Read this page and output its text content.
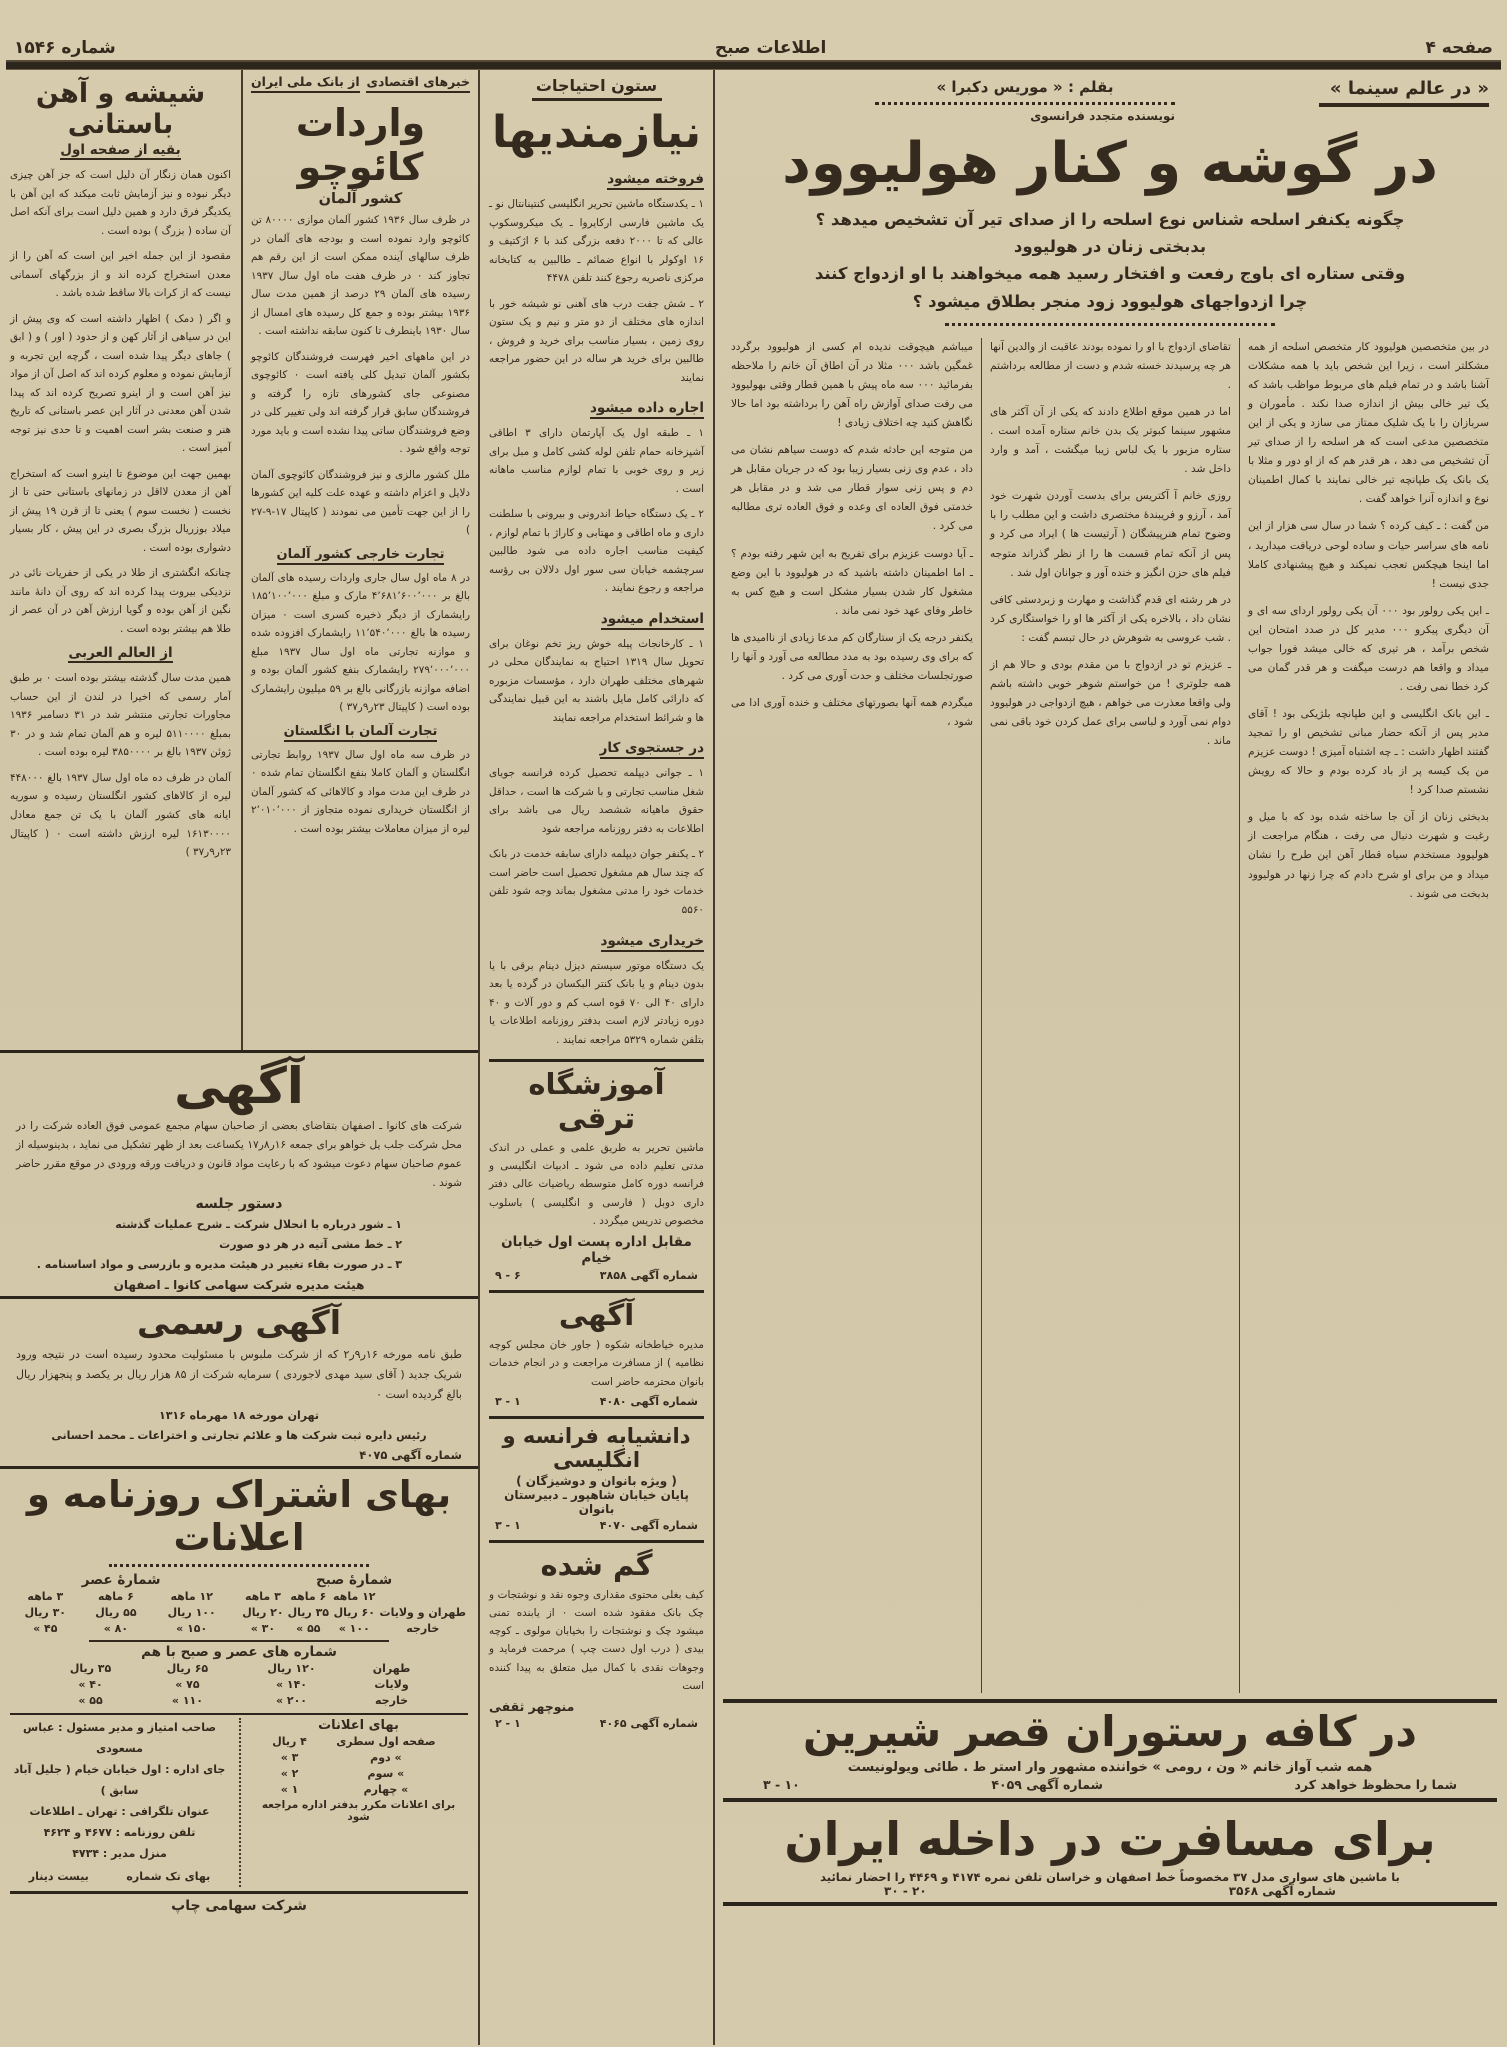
صفحه ۴
اطلاعات صبح
شماره ۱۵۴۶
« در عالم سینما »
بقلم : « موریس دکبرا »
نویسنده متجدد فرانسوی
در گوشه و کنار هولیوود
چگونه یکنفر اسلحه شناس نوع اسلحه را از صدای تیر آن تشخیص میدهد ؟
بدبختی زنان در هولیوود
وقتی ستاره ای باوج رفعت و افتخار رسید همه میخواهند با او ازدواج کنند
چرا ازدواجهای هولیوود زود منجر بطلاق میشود ؟

در بین متخصصین هولیوود کار متخصص اسلحه از همه مشکلتر است ، زیرا این شخص باید با همه مشکلات آشنا باشد و در تمام فیلم های مربوط مواظب باشد که یک تیر خالی بیش از اندازه صدا نکند . مأموران و سربازان را با یک شلیک ممتاز می سازد و یکی از این متخصصین مدعی است که هر اسلحه را از صدای تیر آن تشخیص می دهد ، هر قدر هم که از او دور و مثلا با یک بانک یک طپانچه تیر خالی نمایند با کمال اطمینان نوع و اندازه آنرا خواهد گفت .

من گفت : ـ کیف کرده ؟ شما در سال سی هزار از این نامه های سراسر حیات و ساده لوحی دریافت میدارید ، اما اینجا هیچکس تعجب نمیکند و هیچ پیشنهادی کاملا جدی نیست !

ـ این یکی رولور بود ۰۰۰ آن یکی رولور اردای سه ای و آن دیگری پیکرو ۰۰۰ مدیر کل در صدد امتحان این شخص برآمد ، هر تیری که خالی میشد فورا جواب میداد و واقعا هم درست میگفت و هر قدر گمان می کرد خطا نمی رفت .

ـ این بانک انگلیسی و این طپانچه بلژیکی بود ! آقای مدیر پس از آنکه حضار مبانی تشخیص او را تمجید گفتند اظهار داشت : ـ چه اشتباه آمیزی ! دوست عزیزم من یک کیسه پر از باد کرده بودم و حالا که رویش نشستم صدا کرد !

بدبختی زنان از آن جا ساخته شده بود که با میل و رغبت و شهرت دنبال می رفت ، هنگام مراجعت از هولیوود مستخدم سیاه قطار آهن این طرح را نشان میداد و من برای او شرح دادم که چرا زنها در هولیوود بدبخت می شوند .

تقاضای ازدواج با او را نموده بودند عاقبت از والدین آنها هر چه پرسیدند خسته شدم و دست از مطالعه برداشتم .

اما در همین موقع اطلاع دادند که یکی از آن آکتر های مشهور سینما کبوتر یک بدن خانم ستاره آمده است . ستاره مزبور با یک لباس زیبا میگشت ، آمد و وارد داخل شد .

روزی خانم آ آکتریس برای بدست آوردن شهرت خود آمد ، آرزو و فریبندهٔ مختصری داشت و این مطلب را با وضوح تمام هنرپیشگان ( آرتیست ها ) ایراد می کرد و پس از آنکه تمام قسمت ها را از نظر گذراند متوجه فیلم های حزن انگیز و خنده آور و جوانان اول شد .

در هر رشته ای قدم گذاشت و مهارت و زبردستی کافی نشان داد ، بالاخره یکی از آکتر ها او را خواستگاری کرد . شب عروسی به شوهرش در حال تبسم گفت :

ـ عزیزم تو در ازدواج با من مقدم بودی و حالا هم از همه جلوتری ! من خواستم شوهر خوبی داشته باشم ولی واقعا معذرت می خواهم ، هیچ ازدواجی در هولیوود دوام نمی آورد و لباسی برای عمل کردن خود باقی نمی ماند .

میباشم هیچوقت ندیده ام کسی از هولیوود برگردد غمگین باشد ۰۰۰ مثلا در آن اطاق آن خانم را ملاحظه بفرمائید ۰۰۰ سه ماه پیش با همین قطار وقتی بهولیوود می رفت صدای آوازش راه آهن را برداشته بود اما حالا نگاهش کنید چه اختلاف زیادی !

من متوجه این حادثه شدم که دوست سیاهم نشان می داد ، عدم وی زنی بسیار زیبا بود که در جریان مقابل هر دم و پس زنی سوار قطار می شد و در مقابل هر خدمتی فوق العاده ای وعده و فوق العاده تری مطالبه می کرد .

ـ آیا دوست عزیزم برای تفریح به این شهر رفته بودم ؟ ـ اما اطمینان داشته باشید که در هولیوود با این وضع مشغول کار شدن بسیار مشکل است و هیچ کس به خاطر وفای عهد خود نمی ماند .

یکنفر درجه یک از ستارگان کم مدعا زیادی از ناامیدی ها که برای وی رسیده بود به مدد مطالعه می آورد و آنها را صورتجلسات مختلف و حدت آوری می کرد .

میگردم همه آنها بصورتهای مختلف و خنده آوری ادا می شود ،

در کافه رستوران قصر شیرین
همه شب آواز خانم « ون ، رومی » خواننده مشهور وار استر ط . طائی ویولونیست
شما را محظوظ خواهد کرد
شماره آگهی ۴۰۵۹
۱۰ - ۳
برای مسافرت در داخله ایران
با ماشین های سواری مدل ۳۷ مخصوصاً خط اصفهان و خراسان تلفن نمره ۴۱۷۴ و ۴۴۶۹ را احضار نمائید
شماره آگهی ۳۵۶۸
۲۰ - ۳۰
ستون احتیاجات
نیازمندیها
فروخته میشود

۱ ـ یکدستگاه ماشین تحریر انگلیسی کنتینانتال نو ـ یک ماشین فارسی ارکایروا ـ یک میکروسکوپ عالی که تا ۲۰۰۰ دفعه بزرگی کند با ۶ اژکتیف و ۱۶ اوکولر با انواع ضمائم ـ طالبین به کتابخانه مرکزی ناصریه رجوع کنند تلفن ۴۴۷۸

۲ ـ شش جفت درب های آهنی نو شیشه خور با اندازه های مختلف از دو متر و نیم و یک ستون روی زمین ، بسیار مناسب برای خرید و فروش ، طالبین برای خرید هر ساله در این حضور مراجعه نمایند

اجاره داده میشود

۱ ـ طبقه اول یک آپارتمان دارای ۳ اطاقی آشپزخانه حمام تلفن لوله کشی کامل و مبل برای زیر و روی خوبی با تمام لوازم مناسب ماهانه است .

۲ ـ یک دستگاه حیاط اندرونی و بیرونی با سلطنت داری و ماه اطاقی و مهتابی و کاراژ با تمام لوازم ، کیفیت مناسب اجاره داده می شود طالبین سرچشمه خیابان سی سور اول دلالان بی رؤسه مراجعه و رجوع نمایند .

استخدام میشود

۱ ـ کارخانجات پیله خوش ریز تخم نوغان برای تحویل سال ۱۳۱۹ احتیاج به نمایندگان محلی در شهرهای مختلف طهران دارد ، مؤسسات مزبوره که دارائی کامل مایل باشند به این قبیل نمایندگی ها و شرائط استخدام مراجعه نمایند

در جستجوی کار

۱ ـ جوانی دیپلمه تحصیل کرده فرانسه جویای شغل مناسب تجارتی و با شرکت ها است ، حداقل حقوق ماهیانه ششصد ریال می باشد برای اطلاعات به دفتر روزنامه مراجعه شود

۲ ـ یکنفر جوان دیپلمه دارای سابقه خدمت در بانک که چند سال هم مشغول تحصیل است حاضر است خدمات خود را مدتی مشغول بماند وجه شود تلفن ۵۵۶۰

خریداری میشود

یک دستگاه موتور سیستم دیزل دینام برقی با یا بدون دینام و یا بانک کنتر البکسان در گرده یا بعد دارای ۴۰ الی ۷۰ قوه اسب کم و دور آلات و ۴۰ دوره زیادتر لازم است بدفتر روزنامه اطلاعات یا بتلفن شماره ۵۳۲۹ مراجعه نمایند .

آموزشگاه ترقی

ماشین تحریر به طریق علمی و عملی در اندک مدتی تعلیم داده می شود ـ ادبیات انگلیسی و فرانسه دوره کامل متوسطه ریاضیات عالی دفتر داری دوبل ( فارسی و انگلیسی ) باسلوب مخصوص تدریس میگردد .

مقابل اداره پست اول خیابان خیام
شماره آگهی ۳۸۵۸
۶ - ۹
آگهی

مدیره خیاطخانه شکوه ( جاور خان مجلس کوچه نظامیه ) از مسافرت مراجعت و در انجام خدمات بانوان محترمه حاضر است

شماره آگهی ۴۰۸۰
۱ - ۳
دانشیابه فرانسه و انگلیسی
( ویژه بانوان و دوشیزگان )
پایان خیابان شاهپور ـ دبیرستان بانوان
شماره آگهی ۴۰۷۰
۱ - ۳
گم شده

کیف بغلی محتوی مقداری وجوه نقد و نوشتجات و چک بانک مفقود شده است ۰ از یابنده تمنی میشود چک و نوشتجات را بخیابان مولوی ـ کوچه بیدی ( درب اول دست چپ ) مرحمت فرماید و وجوهات نقدی با کمال میل متعلق به پیدا کننده است

منوچهر ثقفی
شماره آگهی ۴۰۶۵
۱ - ۲
خبرهای اقتصادی
از بانک ملی ایران
واردات کائوچو
کشور آلمان

در ظرف سال ۱۹۳۶ کشور آلمان موازی ۸۰۰۰۰ تن کائوچو وارد نموده است و بودجه های آلمان در ظرف سالهای آینده ممکن است از این رقم هم تجاوز کند ۰ در ظرف هفت ماه اول سال ۱۹۳۷ رسیده های آلمان ۲۹ درصد از همین مدت سال ۱۹۳۶ بیشتر بوده و جمع کل رسیده های امسال از سال ۱۹۳۰ باینطرف تا کنون سابقه نداشته است .

در این ماههای اخیر فهرست فروشندگان کائوچو بکشور آلمان تبدیل کلی یافته است ۰ کائوچوی مصنوعی جای کشورهای تازه را گرفته و فروشندگان سابق قرار گرفته اند ولی تغییر کلی در وضع فروشندگان ساتی پیدا نشده است و باید مورد توجه واقع شود .

ملل کشور مالزی و نیز فروشندگان کائوچوی آلمان دلایل و اعزام داشته و عهده علت کلیه این کشورها را از این جهت تأمین می نمودند ( کاپیتال ۱۷-۹-۲۷ )

تجارت خارجی کشور آلمان

در ۸ ماه اول سال جاری واردات رسیده های آلمان بالغ بر ۴٬۶۸۱٬۶۰۰٬۰۰۰ مارک و مبلغ ۱۸۵٬۱۰۰٬۰۰۰ رایشمارک از دیگر ذخیره کسری است ۰ میزان رسیده ها بالغ ۱۱٬۵۴۰٬۰۰۰ رایشمارک افزوده شده و موازنه تجارتی ماه اول سال ۱۹۳۷ مبلغ ۲۷۹٬۰۰۰٬۰۰۰ رایشمارک بنفع کشور آلمان بوده و اضافه موازنه بازرگانی بالغ بر ۵۹ میلیون رایشمارک بوده است ( کاپیتال ۲۳ر۹ر۳۷ )

تجارت آلمان با انگلستان

در ظرف سه ماه اول سال ۱۹۳۷ روابط تجارتی انگلستان و آلمان کاملا بنفع انگلستان تمام شده ۰ در ظرف این مدت مواد و کالاهائی که کشور آلمان از انگلستان خریداری نموده متجاوز از ۲٬۰۱۰٬۰۰۰ لیره از میزان معاملات بیشتر بوده است .

شیشه و آهن باستانی
بقیه از صفحه اول

اکنون همان زنگار آن دلیل است که جز آهن چیزی دیگر نبوده و نیز آزمایش ثابت میکند که این آهن با یکدیگر فرق دارد و همین دلیل است برای آنکه اصل آن ساده ( بزرگ ) بوده است .

مقصود از این جمله اخیر این است که آهن را از معدن استخراج کرده اند و از بزرگهای آسمانی نیست که از کرات بالا ساقط شده باشد .

و اگر ( دمک ) اظهار داشته است که وی پیش از این در سیاهی از آثار کهن و از حدود ( اور ) و ( ابق ) جاهای دیگر پیدا شده است ، گرچه این تجربه و آزمایش نموده و معلوم کرده اند که اصل آن از مواد نیز آهن است و از اینرو تصریح کرده اند که پیدا شدن آهن معدنی در آثار این عصر باستانی که تاریخ هنر و صنعت بشر است اهمیت و تا حدی نیز توجه آمیز است .

بهمین جهت این موضوع تا اینرو است که استخراج آهن از معدن لااقل در زمانهای باستانی حتی تا از نخست ( نخست سوم ) یعنی تا از قرن ۱۹ پیش از میلاد بوزریال بزرگ بصری در این پیش ، کار بسیار دشواری بوده است .

چنانکه انگشتری از طلا در یکی از حفریات نائی در نزدیکی بیروت پیدا کرده اند که روی آن دانهٔ مانند نگین از آهن بوده و گویا ارزش آهن در آن عصر از طلا هم بیشتر بوده است .

از العالم العربی

همین مدت سال گذشته بیشتر بوده است ۰ بر طبق آمار رسمی که اخیرا در لندن از این حساب مجاورات تجارتی منتشر شد در ۳۱ دسامبر ۱۹۳۶ بمبلغ ۵۱۱۰۰۰۰ لیره و هم آلمان تمام شد و در ۳۰ ژوئن ۱۹۳۷ بالغ بر ۳۸۵۰۰۰۰ لیره بوده است .

آلمان در ظرف ده ماه اول سال ۱۹۳۷ بالغ ۴۴۸۰۰۰ لیره از کالاهای کشور انگلستان رسیده و سوریه ایانه های کشور آلمان با یک تن جمع معادل ۱۶۱۳۰۰۰۰ لیره ارزش داشته است ۰ ( کاپیتال ۲۳ر۹ر۳۷ )

آگهی

شرکت های کانوا ـ اصفهان بتقاضای بعضی از صاحبان سهام مجمع عمومی فوق العاده شرکت را در محل شرکت جلب یل خواهو برای جمعه ۱۶ر۸ر۱۷ یکساعت بعد از ظهر تشکیل می نماید ، بدینوسیله از عموم صاحبان سهام دعوت میشود که با رعایت مواد قانون و دریافت ورقه ورودی در موقع مقرر حاضر شوند .

دستور جلسه
۱ ـ شور درباره با انحلال شرکت ـ شرح عملیات گذشته
۲ ـ خط مشی آتیه در هر دو صورت
۳ ـ در صورت بقاء تغییر در هیئت مدیره و بازرسی و مواد اساسنامه .
هیئت مدیره شرکت سهامی کانوا ـ اصفهان
آگهی رسمی

طبق نامه مورخه ۱۶ر۹ر۲ که از شرکت ملبوس با مسئولیت محدود رسیده است در نتیجه ورود شریک جدید ( آقای سید مهدی لاجوردی ) سرمایه شرکت از ۸۵ هزار ریال بر یکصد و پنجهزار ریال بالغ گردیده است ۰

تهران مورخه ۱۸ مهرماه ۱۳۱۶

رئیس دایره ثبت شرکت ها و علائم تجارتی و اختراعات ـ محمد احسانی

شماره آگهی ۴۰۷۵
بهای اشتراک روزنامه و اعلانات
شمارهٔ صبح
	۱۲ ماهه	۶ ماهه	۳ ماهه
طهران و ولایات	۶۰ ریال	۳۵ ریال	۲۰ ریال
خارجه	۱۰۰ »	۵۵ »	۳۰ »
شمارهٔ عصر
۱۲ ماهه	۶ ماهه	۳ ماهه
۱۰۰ ریال	۵۵ ریال	۳۰ ریال
۱۵۰ »	۸۰ »	۴۵ »
شماره های عصر و صبح با هم
طهران	۱۲۰ ریال	۶۵ ریال	۳۵ ریال
ولایات	۱۴۰ »	۷۵ »	۴۰ »
خارجه	۲۰۰ »	۱۱۰ »	۵۵ »
بهای اعلانات
صفحه اول سطری	۴ ریال
» دوم	۳ »
» سوم	۲ »
» چهارم	۱ »
برای اعلانات مکرر بدفتر اداره مراجعه شود
صاحب امتیاز و مدیر مسئول : عباس مسعودی
جای اداره : اول خیابان خیام ( جلیل آباد سابق )
عنوان تلگرافی : تهران ـ اطلاعات
تلفن روزنامه : ۴۶۷۷ و ۴۶۲۴
منزل مدیر : ۴۷۳۴
بهای تک شماره
بیست دینار
شرکت سهامی چاپ
